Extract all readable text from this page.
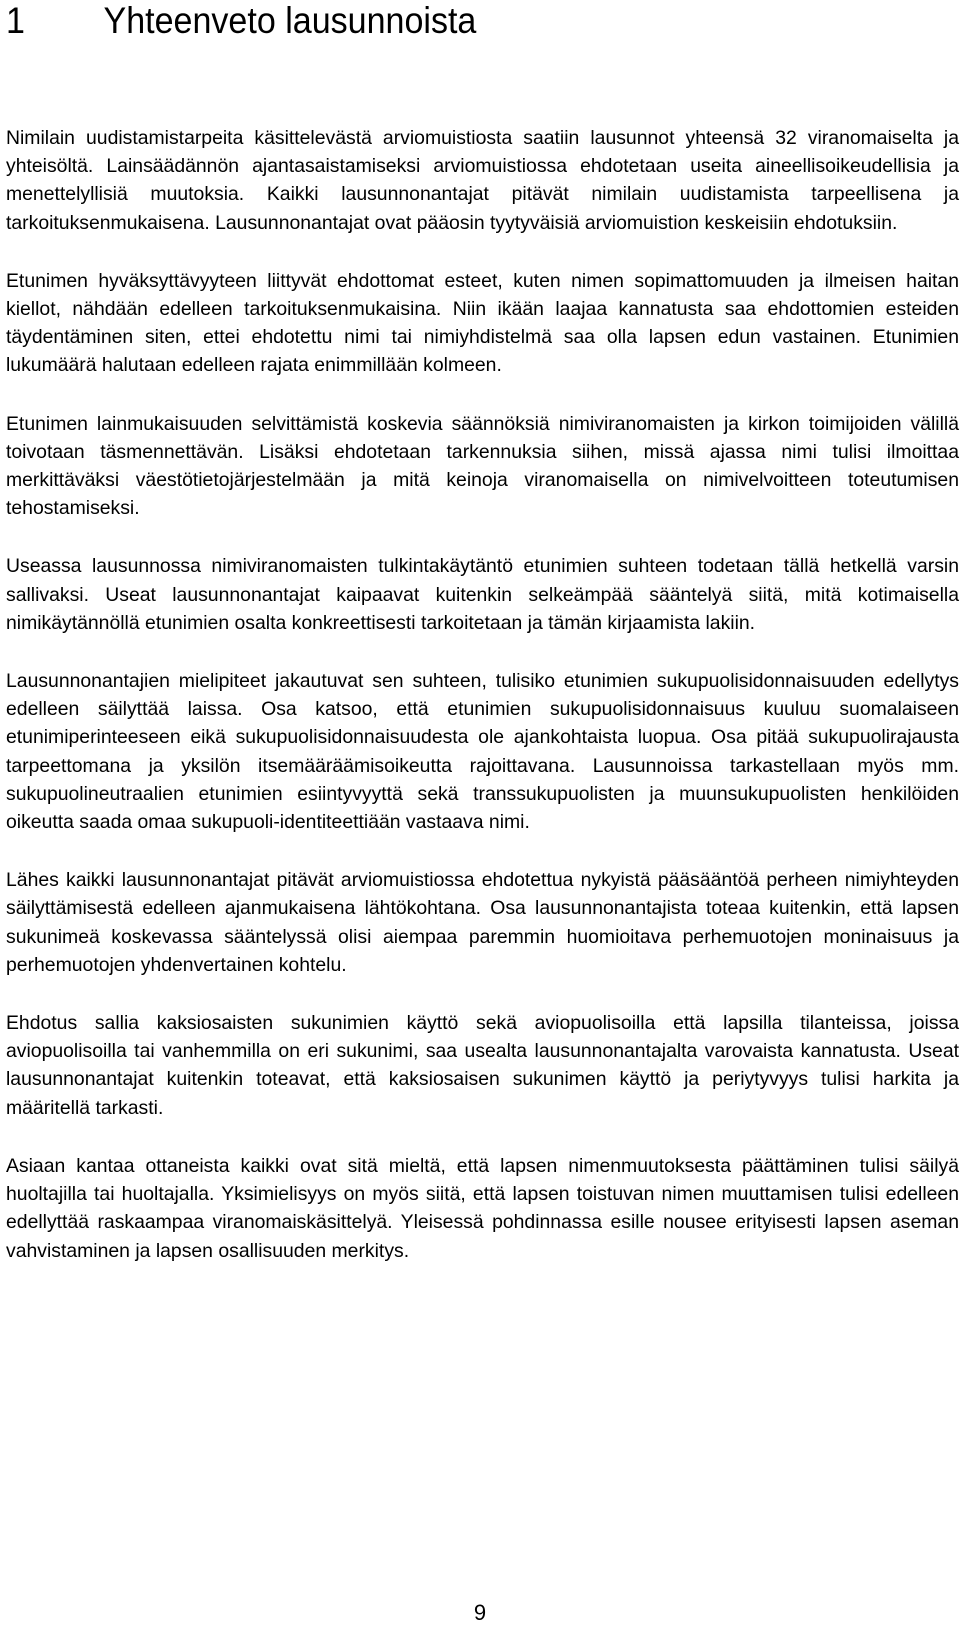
1	Yhteenveto lausunnoista

Nimilain uudistamistarpeita käsittelevästä arviomuistiosta saatiin lausunnot yhteensä 32 viranomaiselta ja yhteisöltä. Lainsäädännön ajantasaistamiseksi arviomuistiossa ehdotetaan useita aineellisoikeudellisia ja menettelyllisiä muutoksia. Kaikki lausunnonantajat pitävät nimilain uudistamista tarpeellisena ja tarkoituksenmukaisena. Lausunnonantajat ovat pääosin tyytyväisiä arviomuistion keskeisiin ehdotuksiin.

Etunimen hyväksyttävyyteen liittyvät ehdottomat esteet, kuten nimen sopimattomuuden ja ilmeisen haitan kiellot, nähdään edelleen tarkoituksenmukaisina. Niin ikään laajaa kannatusta saa ehdottomien esteiden täydentäminen siten, ettei ehdotettu nimi tai nimiyhdistelmä saa olla lapsen edun vastainen. Etunimien lukumäärä halutaan edelleen rajata enimmillään kolmeen.

Etunimen lainmukaisuuden selvittämistä koskevia säännöksiä nimiviranomaisten ja kirkon toimijoiden välillä toivotaan täsmennettävän. Lisäksi ehdotetaan tarkennuksia siihen, missä ajassa nimi tulisi ilmoittaa merkittäväksi väestötietojärjestelmään ja mitä keinoja viranomaisella on nimivelvoitteen toteutumisen tehostamiseksi.

Useassa lausunnossa nimiviranomaisten tulkintakäytäntö etunimien suhteen todetaan tällä hetkellä varsin sallivaksi. Useat lausunnonantajat kaipaavat kuitenkin selkeämpää sääntelyä siitä, mitä kotimaisella nimikäytännöllä etunimien osalta konkreettisesti tarkoitetaan ja tämän kirjaamista lakiin.

Lausunnonantajien mielipiteet jakautuvat sen suhteen, tulisiko etunimien sukupuolisidonnaisuuden edellytys edelleen säilyttää laissa. Osa katsoo, että etunimien sukupuolisidonnaisuus kuuluu suomalaiseen etunimiperinteeseen eikä sukupuolisidonnaisuudesta ole ajankohtaista luopua. Osa pitää sukupuolirajausta tarpeettomana ja yksilön itsemääräämisoikeutta rajoittavana. Lausunnoissa tarkastellaan myös mm. sukupuolineutraalien etunimien esiintyvyyttä sekä transsukupuolisten ja muunsukupuolisten henkilöiden oikeutta saada omaa sukupuoli-identiteettiään vastaava nimi.

Lähes kaikki lausunnonantajat pitävät arviomuistiossa ehdotettua nykyistä pääsääntöä perheen nimiyhteyden säilyttämisestä edelleen ajanmukaisena lähtökohtana. Osa lausunnonantajista toteaa kuitenkin, että lapsen sukunimeä koskevassa sääntelyssä olisi aiempaa paremmin huomioitava perhemuotojen moninaisuus ja perhemuotojen yhdenvertainen kohtelu.

Ehdotus sallia kaksiosaisten sukunimien käyttö sekä aviopuolisoilla että lapsilla tilanteissa, joissa aviopuolisoilla tai vanhemmilla on eri sukunimi, saa usealta lausunnonantajalta varovaista kannatusta. Useat lausunnonantajat kuitenkin toteavat, että kaksiosaisen sukunimen käyttö ja periytyvyys tulisi harkita ja määritellä tarkasti.

Asiaan kantaa ottaneista kaikki ovat sitä mieltä, että lapsen nimenmuutoksesta päättäminen tulisi säilyä huoltajilla tai huoltajalla. Yksimielisyys on myös siitä, että lapsen toistuvan nimen muuttamisen tulisi edelleen edellyttää raskaampaa viranomaiskäsittelyä. Yleisessä pohdinnassa esille nousee erityisesti lapsen aseman vahvistaminen ja lapsen osallisuuden merkitys.

9
